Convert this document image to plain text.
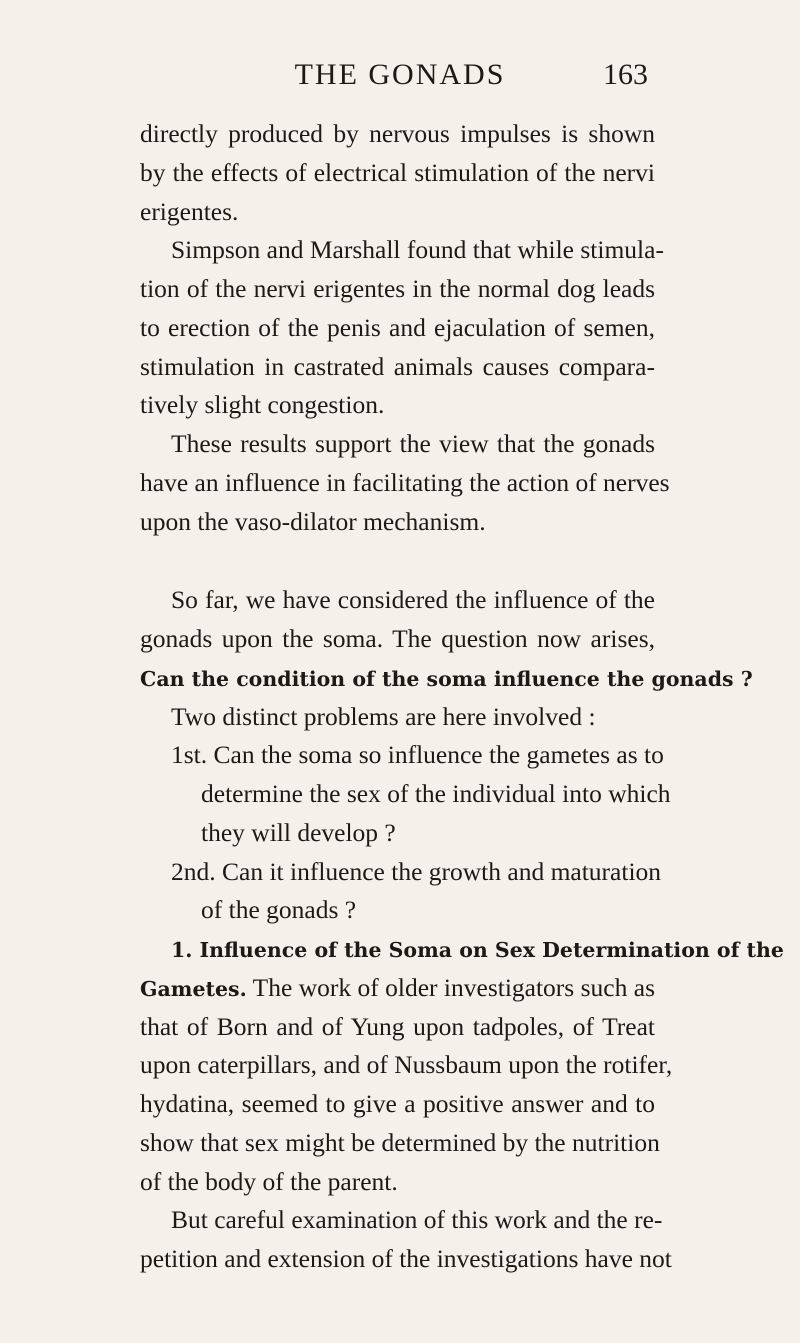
THE GONADS	163
directly produced by nervous impulses is shown
by the effects of electrical stimulation of the nervi
erigentes.
Simpson and Marshall found that while stimula-
tion of the nervi erigentes in the normal dog leads
to erection of the penis and ejaculation of semen,
stimulation in castrated animals causes compara-
tively slight congestion.
These results support the view that the gonads
have an influence in facilitating the action of nerves
upon the vaso-dilator mechanism.
So far, we have considered the influence of the
gonads upon the soma. The question now arises,
Can the condition of the soma influence the gonads ?
Two distinct problems are here involved :
1st. Can the soma so influence the gametes as to
determine the sex of the individual into which
they will develop ?
2nd. Can it influence the growth and maturation
of the gonads ?
1. Influence of the Soma on Sex Determination of the
Gametes. The work of older investigators such as
that of Born and of Yung upon tadpoles, of Treat
upon caterpillars, and of Nussbaum upon the rotifer,
hydatina, seemed to give a positive answer and to
show that sex might be determined by the nutrition
of the body of the parent.
But careful examination of this work and the re-
petition and extension of the investigations have not
